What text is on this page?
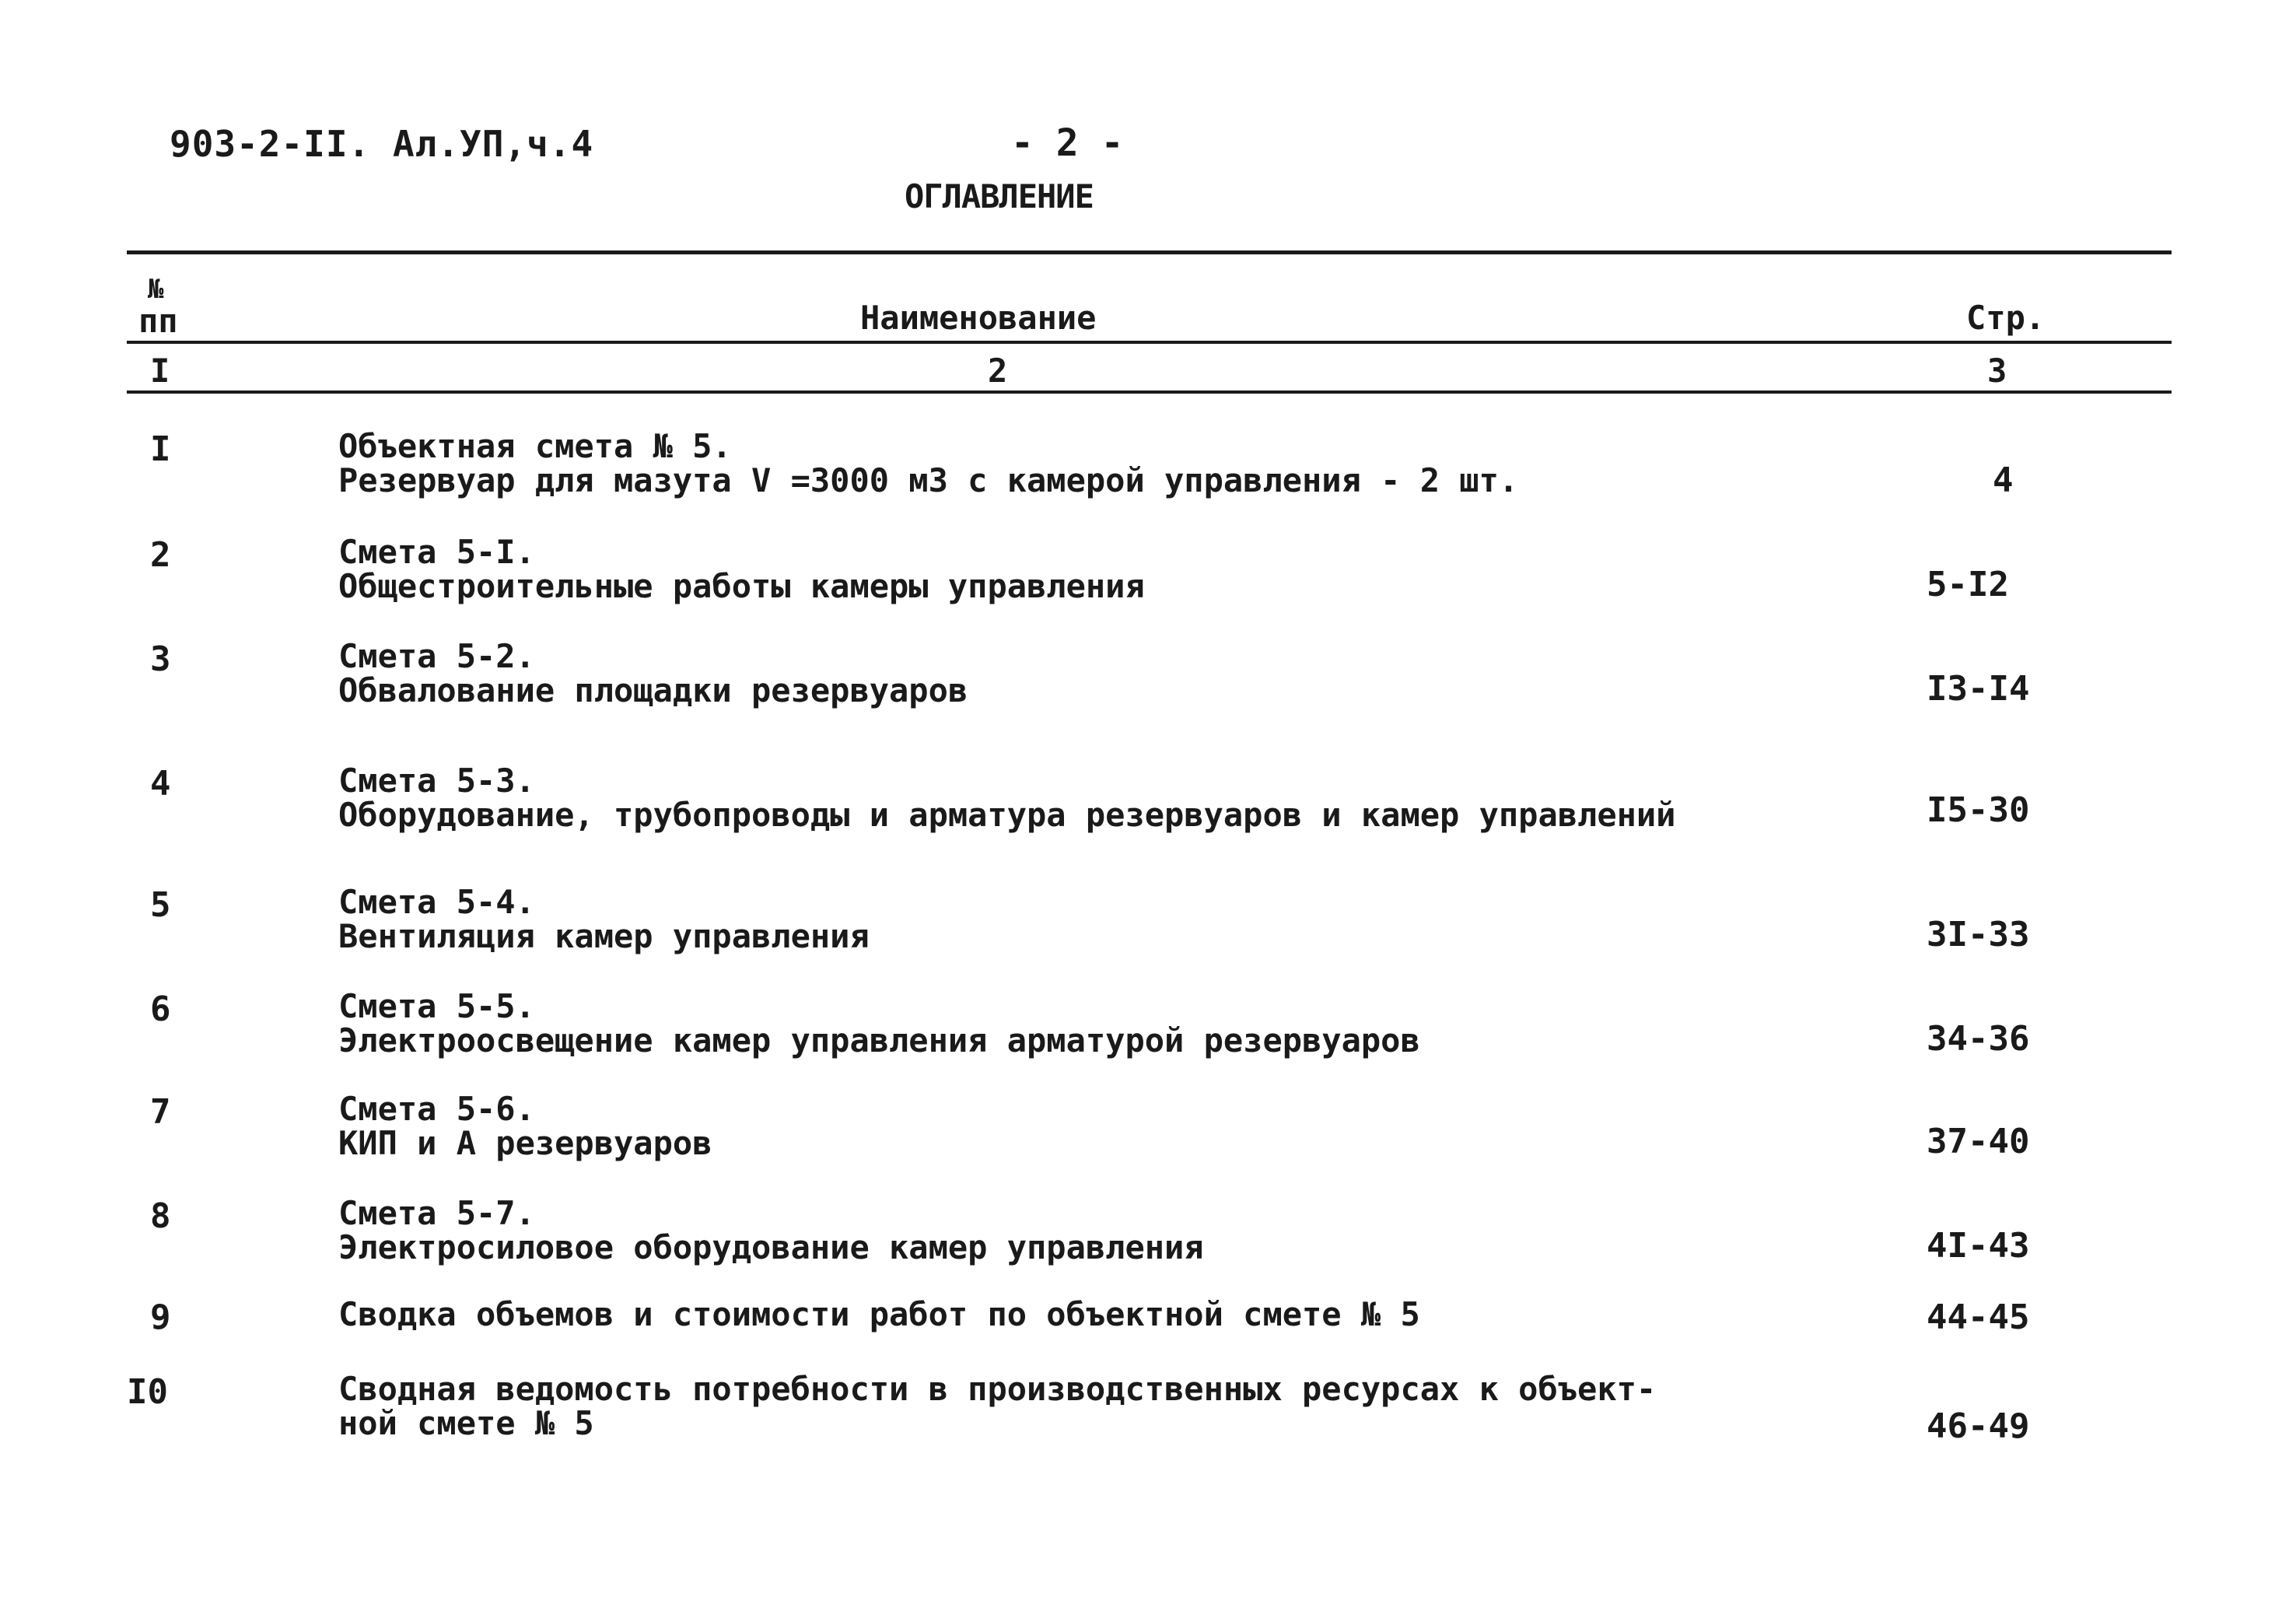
903-2-II. Ал.УП,ч.4	- 2 -
ОГЛАВЛЕНИЕ
№
пп	Наименование	Стр.
I	2	3
I	Объектная смета № 5.
Резервуар для мазута V =3000 м3 с камерой управления - 2 шт.	4
2	Смета 5-I.
Общестроительные работы камеры управления	5-I2
3	Смета 5-2.
Обвалование площадки резервуаров	I3-I4
4	Смета 5-3.
Оборудование, трубопроводы и арматура резервуаров и камер управлений	I5-30
5	Смета 5-4.
Вентиляция камер управления	3I-33
6	Смета 5-5.
Электроосвещение камер управления арматурой резервуаров	34-36
7	Смета 5-6.
КИП и А резервуаров	37-40
8	Смета 5-7.
Электросиловое оборудование камер управления	4I-43
9	Сводка объемов и стоимости работ по объектной смете № 5	44-45
I0	Сводная ведомость потребности в производственных ресурсах к объект-
ной смете № 5	46-49
